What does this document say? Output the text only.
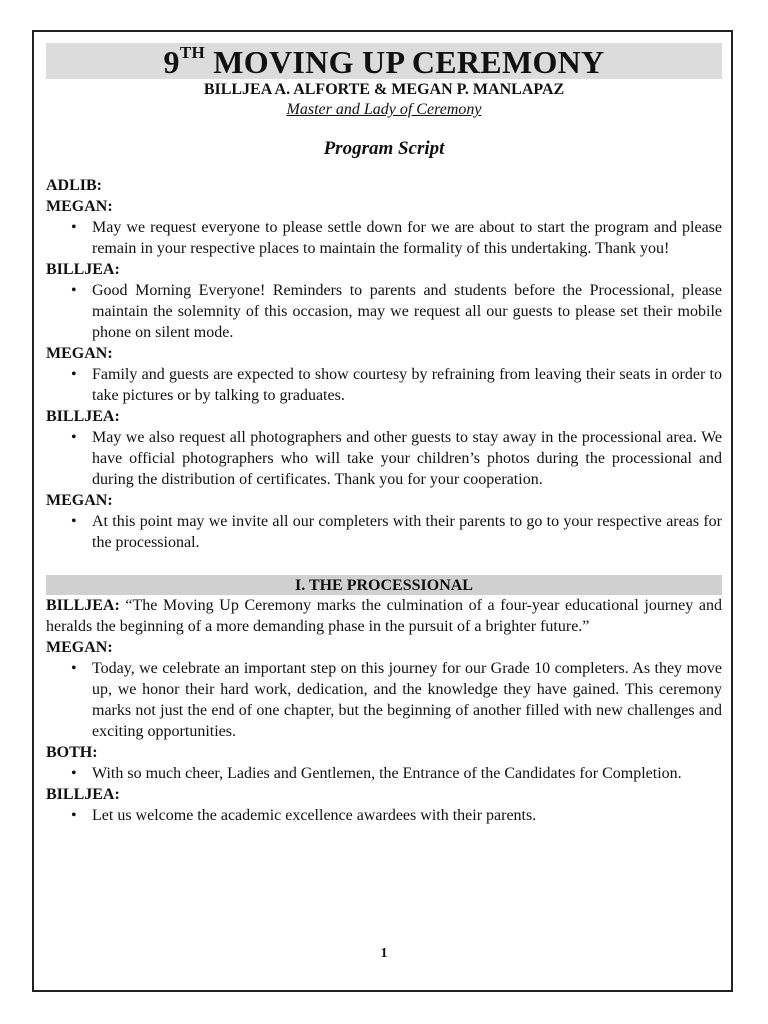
9TH MOVING UP CEREMONY
BILLJEA A. ALFORTE & MEGAN P. MANLAPAZ
Master and Lady of Ceremony
Program Script
ADLIB:
MEGAN:
• May we request everyone to please settle down for we are about to start the program and please remain in your respective places to maintain the formality of this undertaking. Thank you!
BILLJEA:
• Good Morning Everyone! Reminders to parents and students before the Processional, please maintain the solemnity of this occasion, may we request all our guests to please set their mobile phone on silent mode.
MEGAN:
• Family and guests are expected to show courtesy by refraining from leaving their seats in order to take pictures or by talking to graduates.
BILLJEA:
• May we also request all photographers and other guests to stay away in the processional area. We have official photographers who will take your children’s photos during the processional and during the distribution of certificates. Thank you for your cooperation.
MEGAN:
• At this point may we invite all our completers with their parents to go to your respective areas for the processional.
I. THE PROCESSIONAL
BILLJEA: “The Moving Up Ceremony marks the culmination of a four-year educational journey and heralds the beginning of a more demanding phase in the pursuit of a brighter future.”
MEGAN:
• Today, we celebrate an important step on this journey for our Grade 10 completers. As they move up, we honor their hard work, dedication, and the knowledge they have gained. This ceremony marks not just the end of one chapter, but the beginning of another filled with new challenges and exciting opportunities.
BOTH:
• With so much cheer, Ladies and Gentlemen, the Entrance of the Candidates for Completion.
BILLJEA:
• Let us welcome the academic excellence awardees with their parents.
1
